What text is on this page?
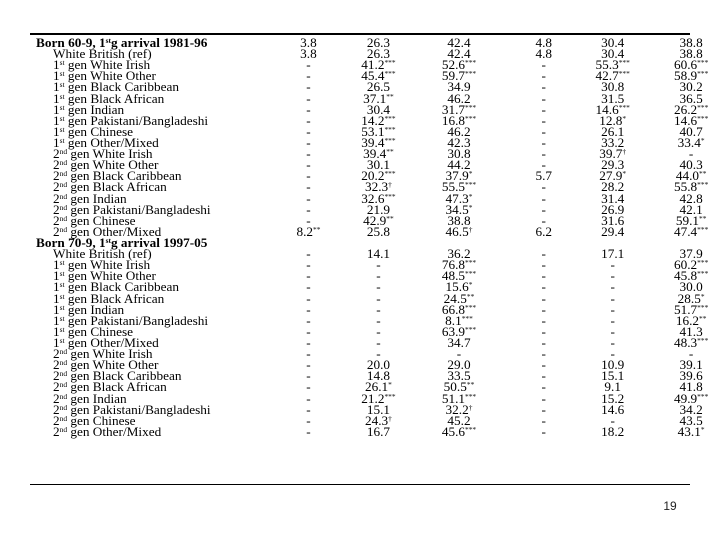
Born 60-9, 1stg arrival 1981-96	3.8	26.3	42.4	4.8	30.4	38.8
White British (ref)	3.8	26.3	42.4	4.8	30.4	38.8
1st gen White Irish	-	41.2***	52.6***	-	55.3***	60.6***
1st gen White Other	-	45.4***	59.7***	-	42.7***	58.9***
1st gen Black Caribbean	-	26.5	34.9	-	30.8	30.2
1st gen Black African	-	37.1**	46.2	-	31.5	36.5
1st gen Indian	-	30.4	31.7***	-	14.6***	26.2***
1st gen Pakistani/Bangladeshi	-	14.2***	16.8***	-	12.8*	14.6***
1st gen Chinese	-	53.1***	46.2	-	26.1	40.7
1st gen Other/Mixed	-	39.4***	42.3	-	33.2	33.4*
2nd gen White Irish	-	39.4**	30.8	-	39.7†	-
2nd gen White Other	-	30.1	44.2	-	29.3	40.3
2nd gen Black Caribbean	-	20.2***	37.9*	5.7	27.9*	44.0**
2nd gen Black African	-	32.3†	55.5***	-	28.2	55.8***
2nd gen Indian	-	32.6***	47.3*	-	31.4	42.8
2nd gen Pakistani/Bangladeshi	-	21.9	34.5*	-	26.9	42.1
2nd gen Chinese	-	42.9**	38.8	-	31.6	59.1**
2nd gen Other/Mixed	8.2**	25.8	46.5†	6.2	29.4	47.4***
Born 70-9, 1stg arrival 1997-05
White British (ref)	-	14.1	36.2	-	17.1	37.9
1st gen White Irish	-	-	76.8***	-	-	60.2***
1st gen White Other	-	-	48.5***	-	-	45.8***
1st gen Black Caribbean	-	-	15.6*	-	-	30.0
1st gen Black African	-	-	24.5**	-	-	28.5*
1st gen Indian	-	-	66.8***	-	-	51.7***
1st gen Pakistani/Bangladeshi	-	-	8.1***	-	-	16.2**
1st gen Chinese	-	-	63.9***	-	-	41.3
1st gen Other/Mixed	-	-	34.7	-	-	48.3***
2nd gen White Irish	-	-	-	-	-	-
2nd gen White Other	-	20.0	29.0	-	10.9	39.1
2nd gen Black Caribbean	-	14.8	33.5	-	15.1	39.6
2nd gen Black African	-	26.1*	50.5**	-	9.1	41.8
2nd gen Indian	-	21.2***	51.1***	-	15.2	49.9***
2nd gen Pakistani/Bangladeshi	-	15.1	32.2†	-	14.6	34.2
2nd gen Chinese	-	24.3†	45.2	-	-	43.5
2nd gen Other/Mixed	-	16.7	45.6***	-	18.2	43.1*
19
